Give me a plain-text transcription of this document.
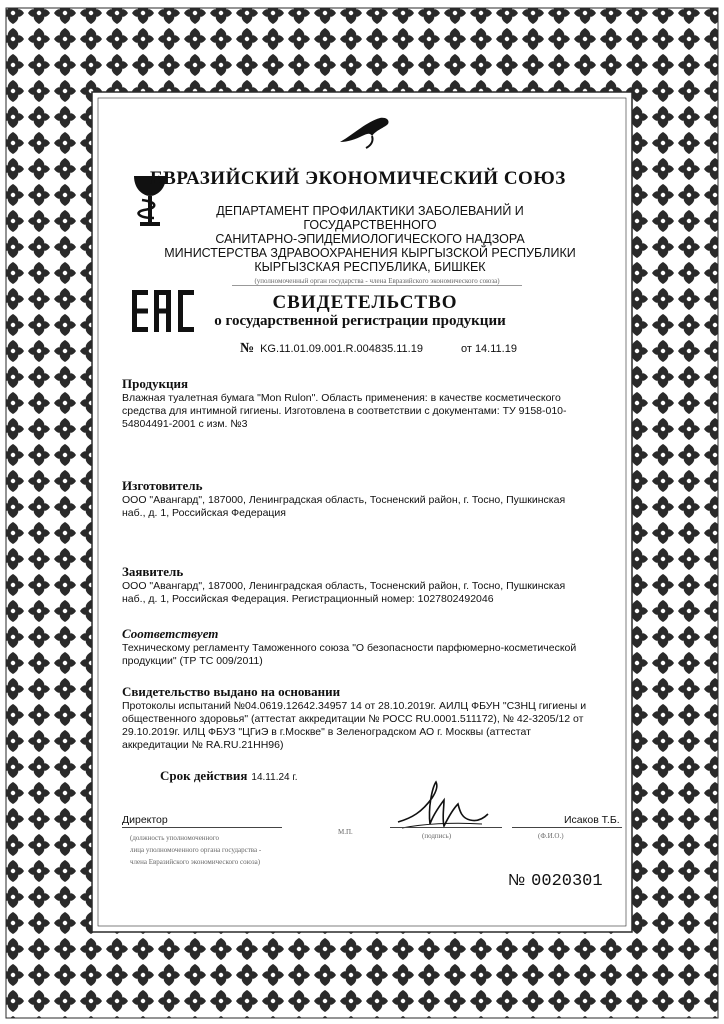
ЕВРАЗИЙСКИЙ ЭКОНОМИЧЕСКИЙ СОЮЗ
ДЕПАРТАМЕНТ ПРОФИЛАКТИКИ ЗАБОЛЕВАНИЙ И ГОСУДАРСТВЕННОГО
САНИТАРНО-ЭПИДЕМИОЛОГИЧЕСКОГО НАДЗОРА
МИНИСТЕРСТВА ЗДРАВООХРАНЕНИЯ КЫРГЫЗСКОЙ РЕСПУБЛИКИ
КЫРГЫЗСКАЯ РЕСПУБЛИКА, БИШКЕК
(уполномоченный орган государства - члена Евразийского экономического союза)
СВИДЕТЕЛЬСТВО
о государственной регистрации продукции
№ KG.11.01.09.001.R.004835.11.19	от 14.11.19
Продукция
Влажная туалетная бумага "Mon Rulon". Область применения: в качестве косметического
средства для интимной гигиены. Изготовлена в соответствии с документами: ТУ 9158-010-
54804491-2001 с изм. №3
Изготовитель
ООО "Авангард", 187000, Ленинградская область, Тосненский район, г. Тосно, Пушкинская
наб., д. 1, Российская Федерация
Заявитель
ООО "Авангард", 187000, Ленинградская область, Тосненский район, г. Тосно, Пушкинская
наб., д. 1, Российская Федерация. Регистрационный номер: 1027802492046
Соответствует
Техническому регламенту Таможенного союза "О безопасности парфюмерно-косметической
продукции" (ТР ТС 009/2011)
Свидетельство выдано на основании
Протоколы испытаний №04.0619.12642.34957 14 от 28.10.2019г. АИЛЦ ФБУН "СЗНЦ гигиены и
общественного здоровья" (аттестат аккредитации № РОСС RU.0001.511172), № 42-3205/12 от
29.10.2019г. ИЛЦ ФБУЗ "ЦГиЭ в г.Москве" в Зеленоградском АО г. Москвы (аттестат
аккредитации № RA.RU.21НН96)
Срок действия 14.11.24 г.
Директор
(должность уполномоченного
лица уполномоченного органа государства -
члена Евразийского экономического союза)
М.П.	(подпись)
Исаков Т.Б.
(Ф.И.О.)
№ 0020301
